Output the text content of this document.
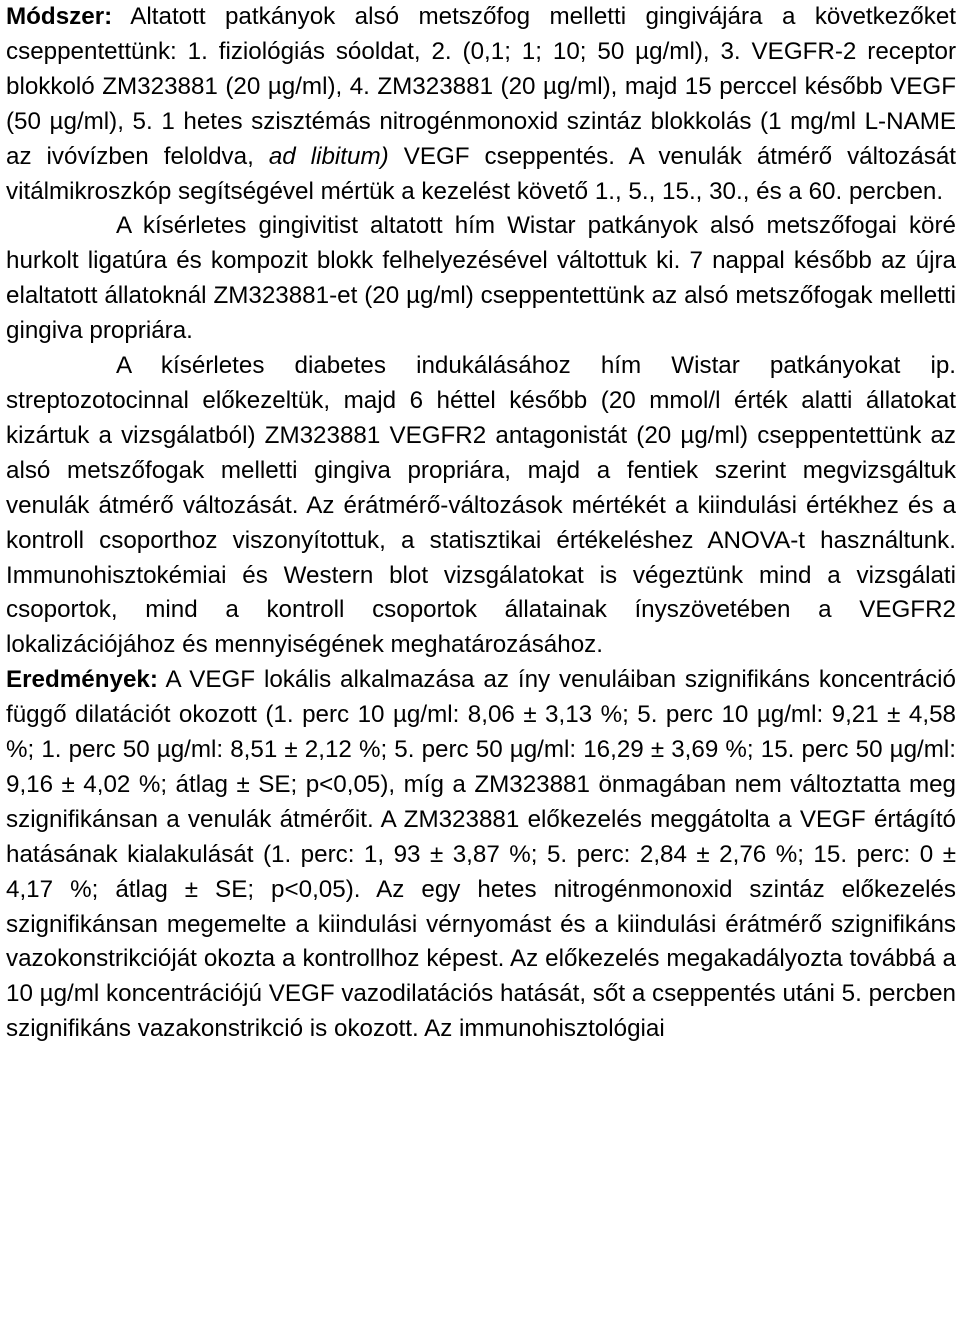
Módszer: Altatott patkányok alsó metszőfog melletti gingivájára a következőket cseppentettünk: 1. fiziológiás sóoldat, 2. (0,1; 1; 10; 50 µg/ml), 3. VEGFR-2 receptor blokkoló ZM323881 (20 µg/ml), 4. ZM323881 (20 µg/ml), majd 15 perccel később VEGF (50 µg/ml), 5. 1 hetes szisztémás nitrogénmonoxid szintáz blokkolás (1 mg/ml L-NAME az ivóvízben feloldva, ad libitum) VEGF cseppentés. A venulák átmérő változását vitálmikroszkóp segítségével mértük a kezelést követő 1., 5., 15., 30., és a 60. percben.

A kísérletes gingivitist altatott hím Wistar patkányok alsó metszőfogai köré hurkolt ligatúra és kompozit blokk felhelyezésével váltottuk ki. 7 nappal később az újra elaltatott állatoknál ZM323881-et (20 µg/ml) cseppentettünk az alsó metszőfogak melletti gingiva propriára.

A kísérletes diabetes indukálásához hím Wistar patkányokat ip. streptozotocinnal előkezeltük, majd 6 héttel később (20 mmol/l érték alatti állatokat kizártuk a vizsgálatból) ZM323881 VEGFR2 antagonistát (20 µg/ml) cseppentettünk az alsó metszőfogak melletti gingiva propriára, majd a fentiek szerint megvizsgáltuk venulák átmérő változását. Az érátmérő-változások mértékét a kiindulási értékhez és a kontroll csoporthoz viszonyítottuk, a statisztikai értékeléshez ANOVA-t használtunk. Immunohisztokémiai és Western blot vizsgálatokat is végeztünk mind a vizsgálati csoportok, mind a kontroll csoportok állatainak ínyszövetében a VEGFR2 lokalizációjához és mennyiségének meghatározásához.

Eredmények: A VEGF lokális alkalmazása az íny venuláiban szignifikáns koncentráció függő dilatációt okozott (1. perc 10 µg/ml: 8,06 ± 3,13 %; 5. perc 10 µg/ml: 9,21 ± 4,58 %; 1. perc 50 µg/ml: 8,51 ± 2,12 %; 5. perc 50 µg/ml: 16,29 ± 3,69 %; 15. perc 50 µg/ml: 9,16 ± 4,02 %; átlag ± SE; p<0,05), míg a ZM323881 önmagában nem változtatta meg szignifikánsan a venulák átmérőit. A ZM323881 előkezelés meggátolta a VEGF értágító hatásának kialakulását (1. perc: 1, 93 ± 3,87 %; 5. perc: 2,84 ± 2,76 %; 15. perc: 0 ± 4,17 %; átlag ± SE; p<0,05). Az egy hetes nitrogénmonoxid szintáz előkezelés szignifikánsan megemelte a kiindulási vérnyomást és a kiindulási érátmérő szignifikáns vazokonstrikcióját okozta a kontrollhoz képest. Az előkezelés megakadályozta továbbá a 10 µg/ml koncentrációjú VEGF vazodilatációs hatását, sőt a cseppentés utáni 5. percben szignifikáns vazakonstrikció is okozott. Az immunohisztológiai
